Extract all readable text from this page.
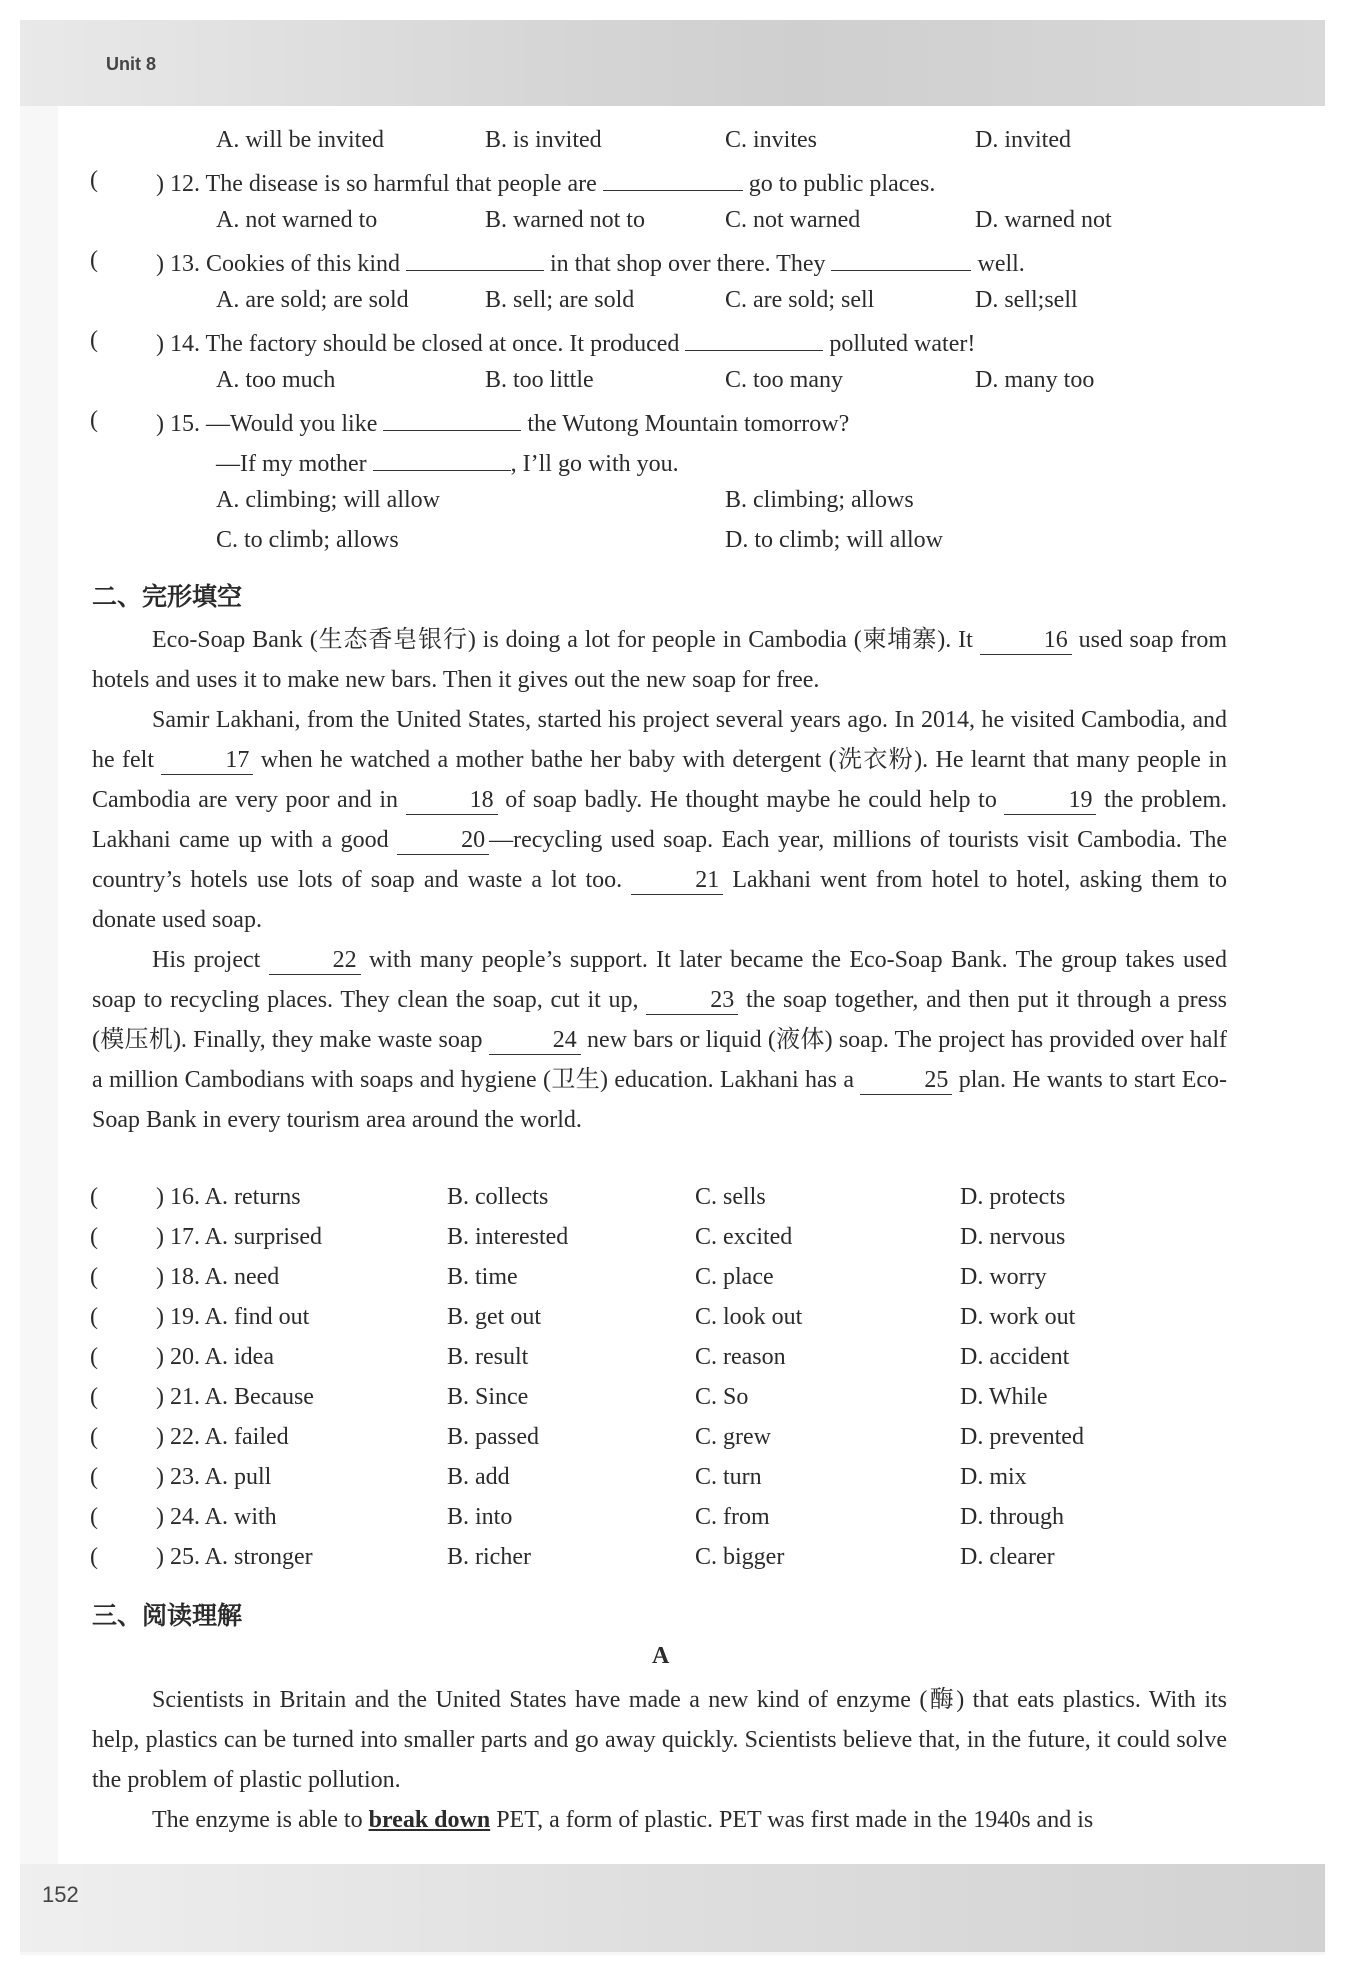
Unit 8
152
A. will be invited	B. is invited	C. invites	D. invited
( ) 12. The disease is so harmful that people are	go to public places.
A. not warned to	B. warned not to	C. not warned	D. warned not
( ) 13. Cookies of this kind	in that shop over there. They	well.
A. are sold; are sold	B. sell; are sold	C. are sold; sell	D. sell;sell
( ) 14. The factory should be closed at once. It produced	polluted water!
A. too much	B. too little	C. too many	D. many too
( ) 15. —Would you like	the Wutong Mountain tomorrow?
—If my mother	, I’ll go with you.
A. climbing; will allow	B. climbing; allows
C. to climb; allows	D. to climb; will allow
二、完形填空
Eco-Soap Bank (生态香皂银行) is doing a lot for people in Cambodia (柬埔寨). It	16 used soap from hotels and uses it to make new bars. Then it gives out the new soap for free.
Samir Lakhani, from the United States, started his project several years ago. In 2014, he visited Cambodia, and he felt	17 when he watched a mother bathe her baby with detergent (洗衣粉). He learnt that many people in Cambodia are very poor and in	18 of soap badly. He thought maybe he could help to	19 the problem. Lakhani came up with a good	20 —recycling used soap. Each year, millions of tourists visit Cambodia. The country’s hotels use lots of soap and waste a lot too.	21 Lakhani went from hotel to hotel, asking them to donate used soap.
His project	22 with many people’s support. It later became the Eco-Soap Bank. The group takes used soap to recycling places. They clean the soap, cut it up,	23 the soap together, and then put it through a press (模压机). Finally, they make waste soap	24 new bars or liquid (液体) soap. The project has provided over half a million Cambodians with soaps and hygiene (卫生) education. Lakhani has a	25 plan. He wants to start Eco-Soap Bank in every tourism area around the world.
( ) 16. A. returns	B. collects	C. sells	D. protects
( ) 17. A. surprised	B. interested	C. excited	D. nervous
( ) 18. A. need	B. time	C. place	D. worry
( ) 19. A. find out	B. get out	C. look out	D. work out
( ) 20. A. idea	B. result	C. reason	D. accident
( ) 21. A. Because	B. Since	C. So	D. While
( ) 22. A. failed	B. passed	C. grew	D. prevented
( ) 23. A. pull	B. add	C. turn	D. mix
( ) 24. A. with	B. into	C. from	D. through
( ) 25. A. stronger	B. richer	C. bigger	D. clearer
三、阅读理解
A
Scientists in Britain and the United States have made a new kind of enzyme (酶) that eats plastics. With its help, plastics can be turned into smaller parts and go away quickly. Scientists believe that, in the future, it could solve the problem of plastic pollution.
The enzyme is able to break down PET, a form of plastic. PET was first made in the 1940s and is
